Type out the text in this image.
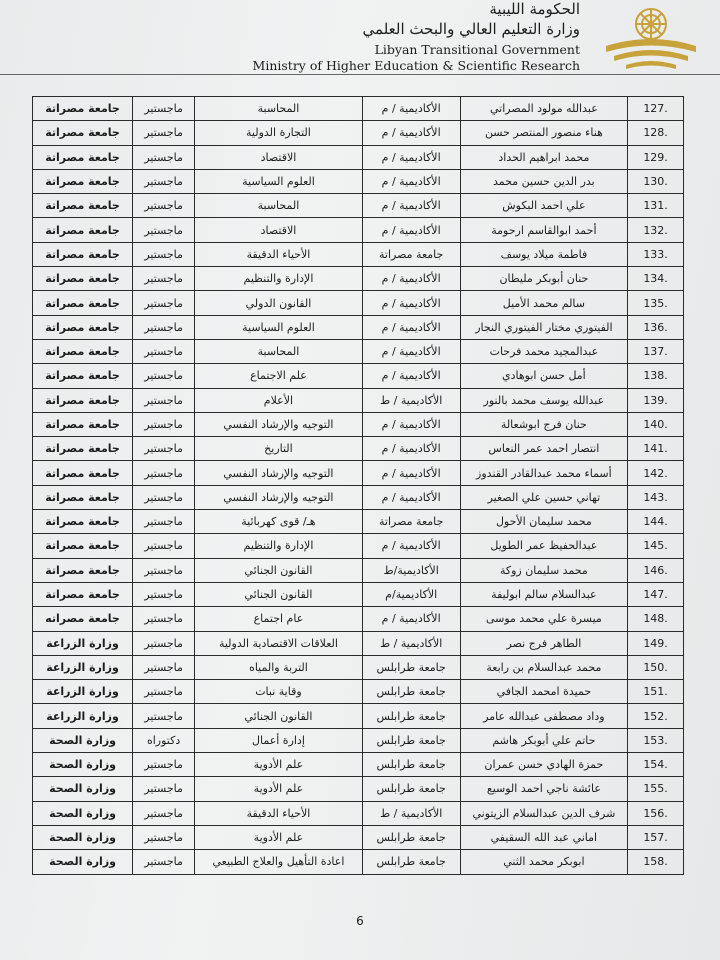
الحكومة الليبية
وزارة التعليم العالي والبحث العلمي
Libyan Transitional Government
Ministry of Higher Education & Scientific Research
جامعة مصراتة	ماجستير	المحاسبة	الأكاديمية / م	عبدالله مولود المصراتي	127.
جامعة مصراتة	ماجستير	التجارة الدولية	الأكاديمية / م	هناء منصور المنتصر حسن	128.
جامعة مصراتة	ماجستير	الاقتصاد	الأكاديمية / م	محمد ابراهيم الحداد	129.
جامعة مصراتة	ماجستير	العلوم السياسية	الأكاديمية / م	بدر الدين حسين محمد	130.
جامعة مصراتة	ماجستير	المحاسبة	الأكاديمية / م	علي احمد البكوش	131.
جامعة مصراتة	ماجستير	الاقتصاد	الأكاديمية / م	أحمد ابوالقاسم ارحومة	132.
جامعة مصراتة	ماجستير	الأحياء الدقيقة	جامعة مصراتة	فاطمة ميلاد يوسف	133.
جامعة مصراتة	ماجستير	الإدارة والتنظيم	الأكاديمية / م	حنان أبوبكر مليطان	134.
جامعة مصراتة	ماجستير	القانون الدولي	الأكاديمية / م	سالم محمد الأميل	135.
جامعة مصراتة	ماجستير	العلوم السياسية	الأكاديمية / م	الفيتوري مختار الفيتوري النجار	136.
جامعة مصراتة	ماجستير	المحاسبة	الأكاديمية / م	عبدالمجيد محمد فرحات	137.
جامعة مصراتة	ماجستير	علم الاجتماع	الأكاديمية / م	أمل حسن ابوهادي	138.
جامعة مصراتة	ماجستير	الأعلام	الأكاديمية / ط	عبدالله يوسف محمد بالنور	139.
جامعة مصراتة	ماجستير	التوجيه والإرشاد النفسي	الأكاديمية / م	حنان فرج ابوشعالة	140.
جامعة مصراتة	ماجستير	التاريخ	الأكاديمية / م	انتصار احمد عمر النعاس	141.
جامعة مصراتة	ماجستير	التوجيه والإرشاد النفسي	الأكاديمية / م	أسماء محمد عبدالقادر القندوز	142.
جامعة مصراتة	ماجستير	التوجيه والإرشاد النفسي	الأكاديمية / م	تهاني حسين علي الصغير	143.
جامعة مصراتة	ماجستير	هـ/ قوى كهربائية	جامعة مصراتة	محمد سليمان الأحول	144.
جامعة مصراتة	ماجستير	الإدارة والتنظيم	الأكاديمية / م	عبدالحفيظ عمر الطويل	145.
جامعة مصراتة	ماجستير	القانون الجنائي	الأكاديمية/ط	محمد سليمان زوكة	146.
جامعة مصراتة	ماجستير	القانون الجنائي	الأكاديمية/م	عبدالسلام سالم ابوليفة	147.
جامعة مصراته	ماجستير	عام اجتماع	الأكاديمية / م	ميسرة علي محمد موسى	148.
وزارة الزراعة	ماجستير	العلاقات الاقتصادية الدولية	الأكاديمية / ط	الطاهر فرج نصر	149.
وزارة الزراعة	ماجستير	التربة والمياه	جامعة طرابلس	محمد عبدالسلام بن رابعة	150.
وزارة الزراعة	ماجستير	وقاية نبات	جامعة طرابلس	حميدة امحمد الجافي	151.
وزارة الزراعة	ماجستير	القانون الجنائي	جامعة طرابلس	وداد مصطفى عبدالله عامر	152.
وزارة الصحة	دكتوراه	إدارة أعمال	جامعة طرابلس	حاتم علي أبوبكر هاشم	153.
وزارة الصحة	ماجستير	علم الأدوية	جامعة طرابلس	حمزة الهادي حسن عمران	154.
وزارة الصحة	ماجستير	علم الأدوية	جامعة طرابلس	عائشة ناجي احمد الوسيع	155.
وزارة الصحة	ماجستير	الأحياء الدقيقة	الأكاديمية / ط	شرف الدين عبدالسلام الزيتوني	156.
وزارة الصحة	ماجستير	علم الأدوية	جامعة طرابلس	اماني عبد الله السقيفي	157.
وزارة الصحة	ماجستير	اعادة التأهيل والعلاج الطبيعي	جامعة طرابلس	ابوبكر محمد الثني	158.
6
